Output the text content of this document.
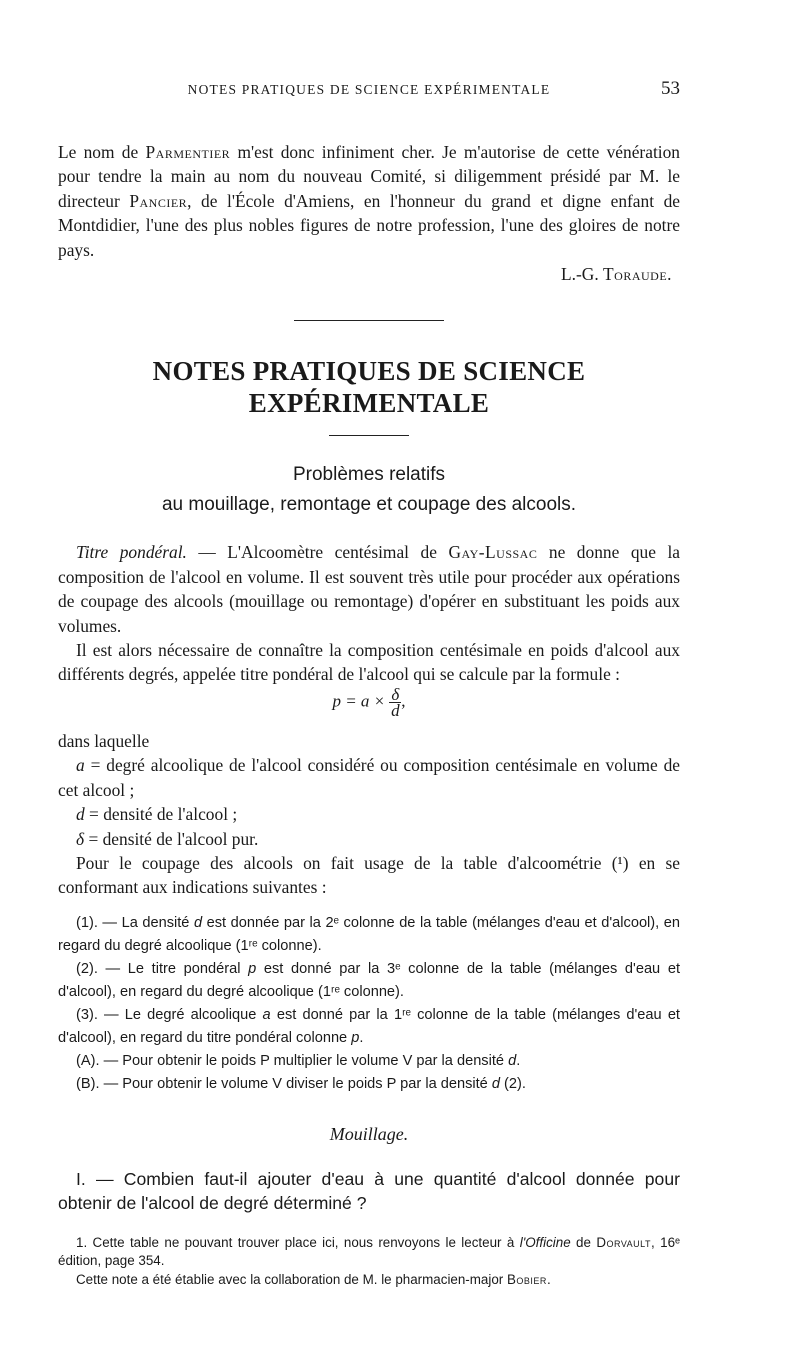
NOTES PRATIQUES DE SCIENCE EXPÉRIMENTALE	53

Le nom de Parmentier m'est donc infiniment cher. Je m'autorise de cette vénération pour tendre la main au nom du nouveau Comité, si diligemment présidé par M. le directeur Pancier, de l'École d'Amiens, en l'honneur du grand et digne enfant de Montdidier, l'une des plus nobles figures de notre profession, l'une des gloires de notre pays.

L.-G. Toraude.

NOTES PRATIQUES DE SCIENCE EXPÉRIMENTALE

Problèmes relatifs

au mouillage, remontage et coupage des alcools.

Titre pondéral. — L'Alcoomètre centésimal de Gay-Lussac ne donne que la composition de l'alcool en volume. Il est souvent très utile pour procéder aux opérations de coupage des alcools (mouillage ou remontage) d'opérer en substituant les poids aux volumes.

Il est alors nécessaire de connaître la composition centésimale en poids d'alcool aux différents degrés, appelée titre pondéral de l'alcool qui se calcule par la formule :

$p = a \times \frac{\delta}{d}$ ,

dans laquelle

a = degré alcoolique de l'alcool considéré ou composition centésimale en volume de cet alcool ;

d = densité de l'alcool ;

δ = densité de l'alcool pur.

Pour le coupage des alcools on fait usage de la table d'alcoométrie (¹) en se conformant aux indications suivantes :

(1). — La densité d est donnée par la 2ᵉ colonne de la table (mélanges d'eau et d'alcool), en regard du degré alcoolique (1ʳᵉ colonne).

(2). — Le titre pondéral p est donné par la 3ᵉ colonne de la table (mélanges d'eau et d'alcool), en regard du degré alcoolique (1ʳᵉ colonne).

(3). — Le degré alcoolique a est donné par la 1ʳᵉ colonne de la table (mélanges d'eau et d'alcool), en regard du titre pondéral colonne p.

(A). — Pour obtenir le poids P multiplier le volume V par la densité d.

(B). — Pour obtenir le volume V diviser le poids P par la densité d (2).

Mouillage.

I. — Combien faut-il ajouter d'eau à une quantité d'alcool donnée pour obtenir de l'alcool de degré déterminé ?

1. Cette table ne pouvant trouver place ici, nous renvoyons le lecteur à l'Officine de Dorvault, 16ᵉ édition, page 354.

Cette note a été établie avec la collaboration de M. le pharmacien-major Bobier.
